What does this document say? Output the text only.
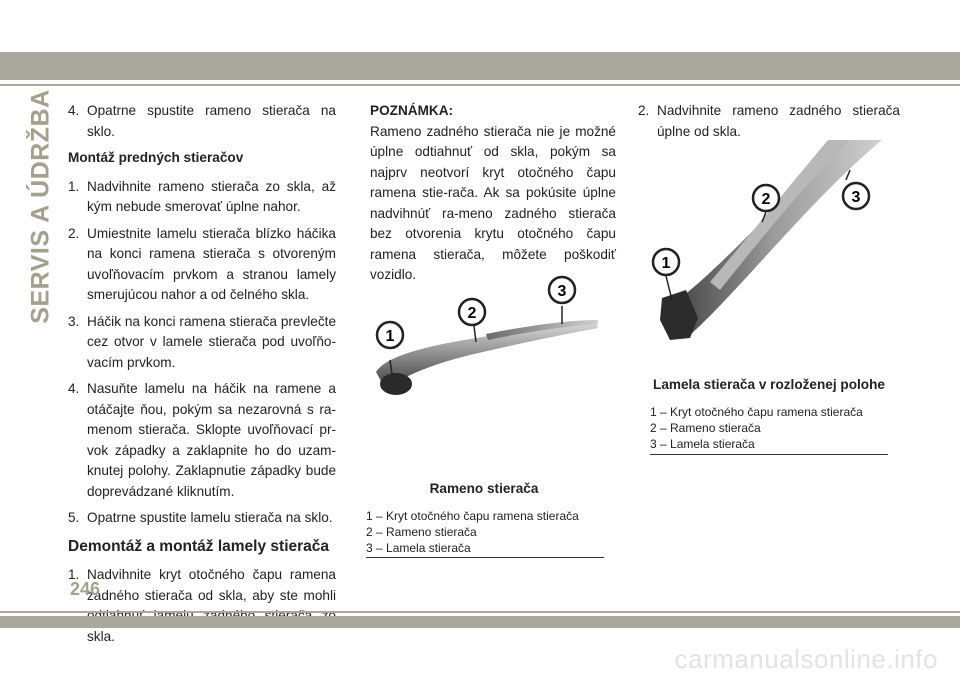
SERVIS A ÚDRŽBA 4. Opatrne spustite rameno stierača na sklo.
Montáž predných stieračov
1. Nadvihnite rameno stierača zo skla, až kým nebude smerovať úplne nahor.
2. Umiestnite lamelu stierača blízko háčika na konci ramena stierača s otvoreným uvoľňovacím prvkom a stranou lamely smerujúcou nahor a od čelného skla.
3. Háčik na konci ramena stierača prevlečte cez otvor v lamele stierača pod uvoľňo-vacím prvkom.
4. Nasuňte lamelu na háčik na ramene a otáčajte ňou, pokým sa nezarovná s ra-menom stierača. Sklopte uvoľňovací pr-vok západky a zaklapnite ho do uzam-knutej polohy. Zaklapnutie západky bude doprevádzané kliknutím.
5. Opatrne spustite lamelu stierača na sklo.
Demontáž a montáž lamely stierača
1. Nadvihnite kryt otočného čapu ramena zadného stierača od skla, aby ste mohli skla.
POZNÁMKA:
Rameno zadného stierača nie je možné úplne odtiahnuť od skla, pokým sa najprv neotvorí kryt otočného čapu ramena stie-rača. Ak sa pokúsite úplne nadvihnúť ra-meno zadného stierača bez otvorenia krytu otočného čapu ramena stierača, môžete poškodiť vozidlo.
1
2
3
Rameno stierača
1 – Kryt otočného čapu ramena stierača
2 – Rameno stierača
3 – Lamela stierača
2. Nadvihnite rameno zadného stierača úplne od skla.
1
2	3
Lamela stierača v rozloženej polohe
1 – Kryt otočného čapu ramena stierača
2 – Rameno stierača
3 – Lamela stierača
246
carmanualsonline.info
